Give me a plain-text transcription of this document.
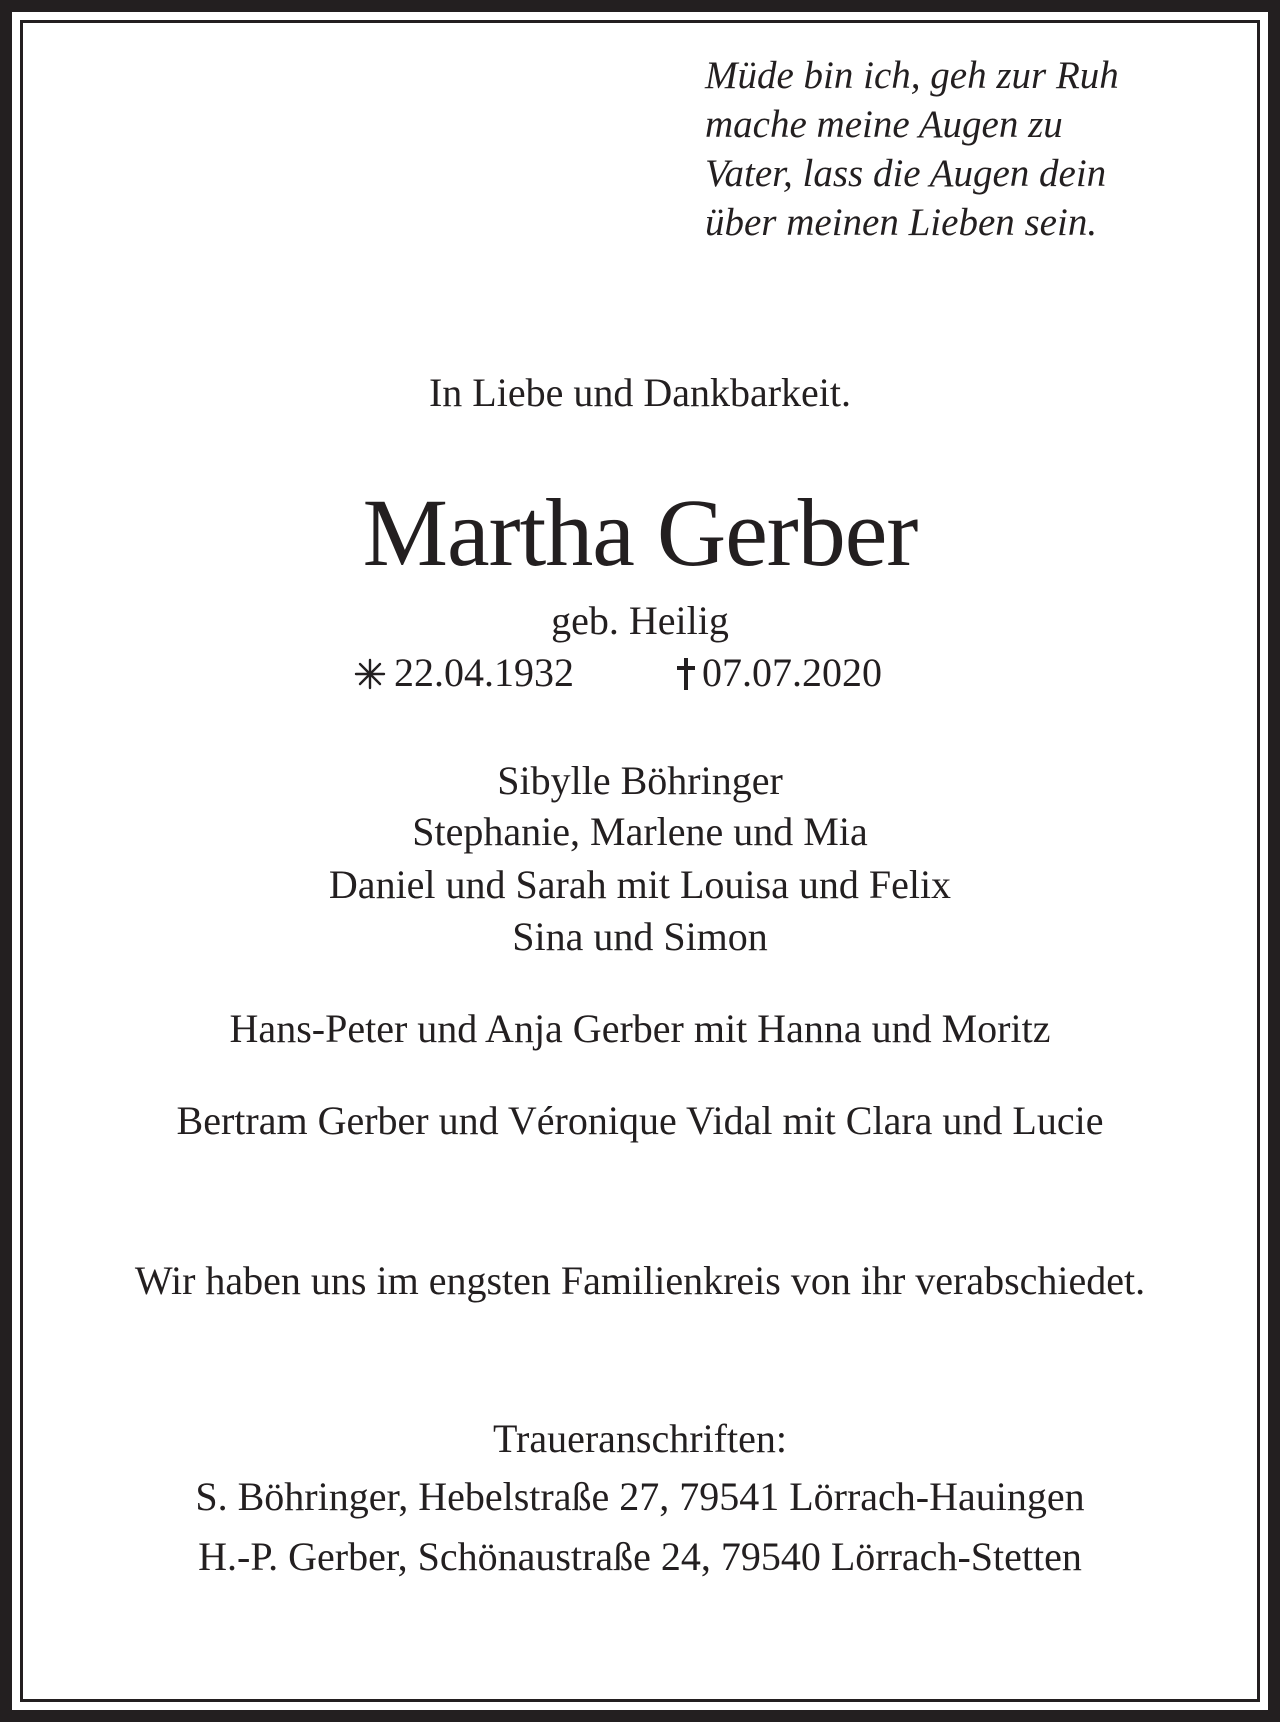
Müde bin ich, geh zur Ruh
mache meine Augen zu
Vater, lass die Augen dein
über meinen Lieben sein.
In Liebe und Dankbarkeit.
Martha Gerber
geb. Heilig
22.04.1932	07.07.2020
Sibylle Böhringer
Stephanie, Marlene und Mia
Daniel und Sarah mit Louisa und Felix
Sina und Simon
Hans-Peter und Anja Gerber mit Hanna und Moritz
Bertram Gerber und Véronique Vidal mit Clara und Lucie
Wir haben uns im engsten Familienkreis von ihr verabschiedet.
Traueranschriften:
S. Böhringer, Hebelstraße 27, 79541 Lörrach-Hauingen
H.-P. Gerber, Schönaustraße 24, 79540 Lörrach-Stetten
